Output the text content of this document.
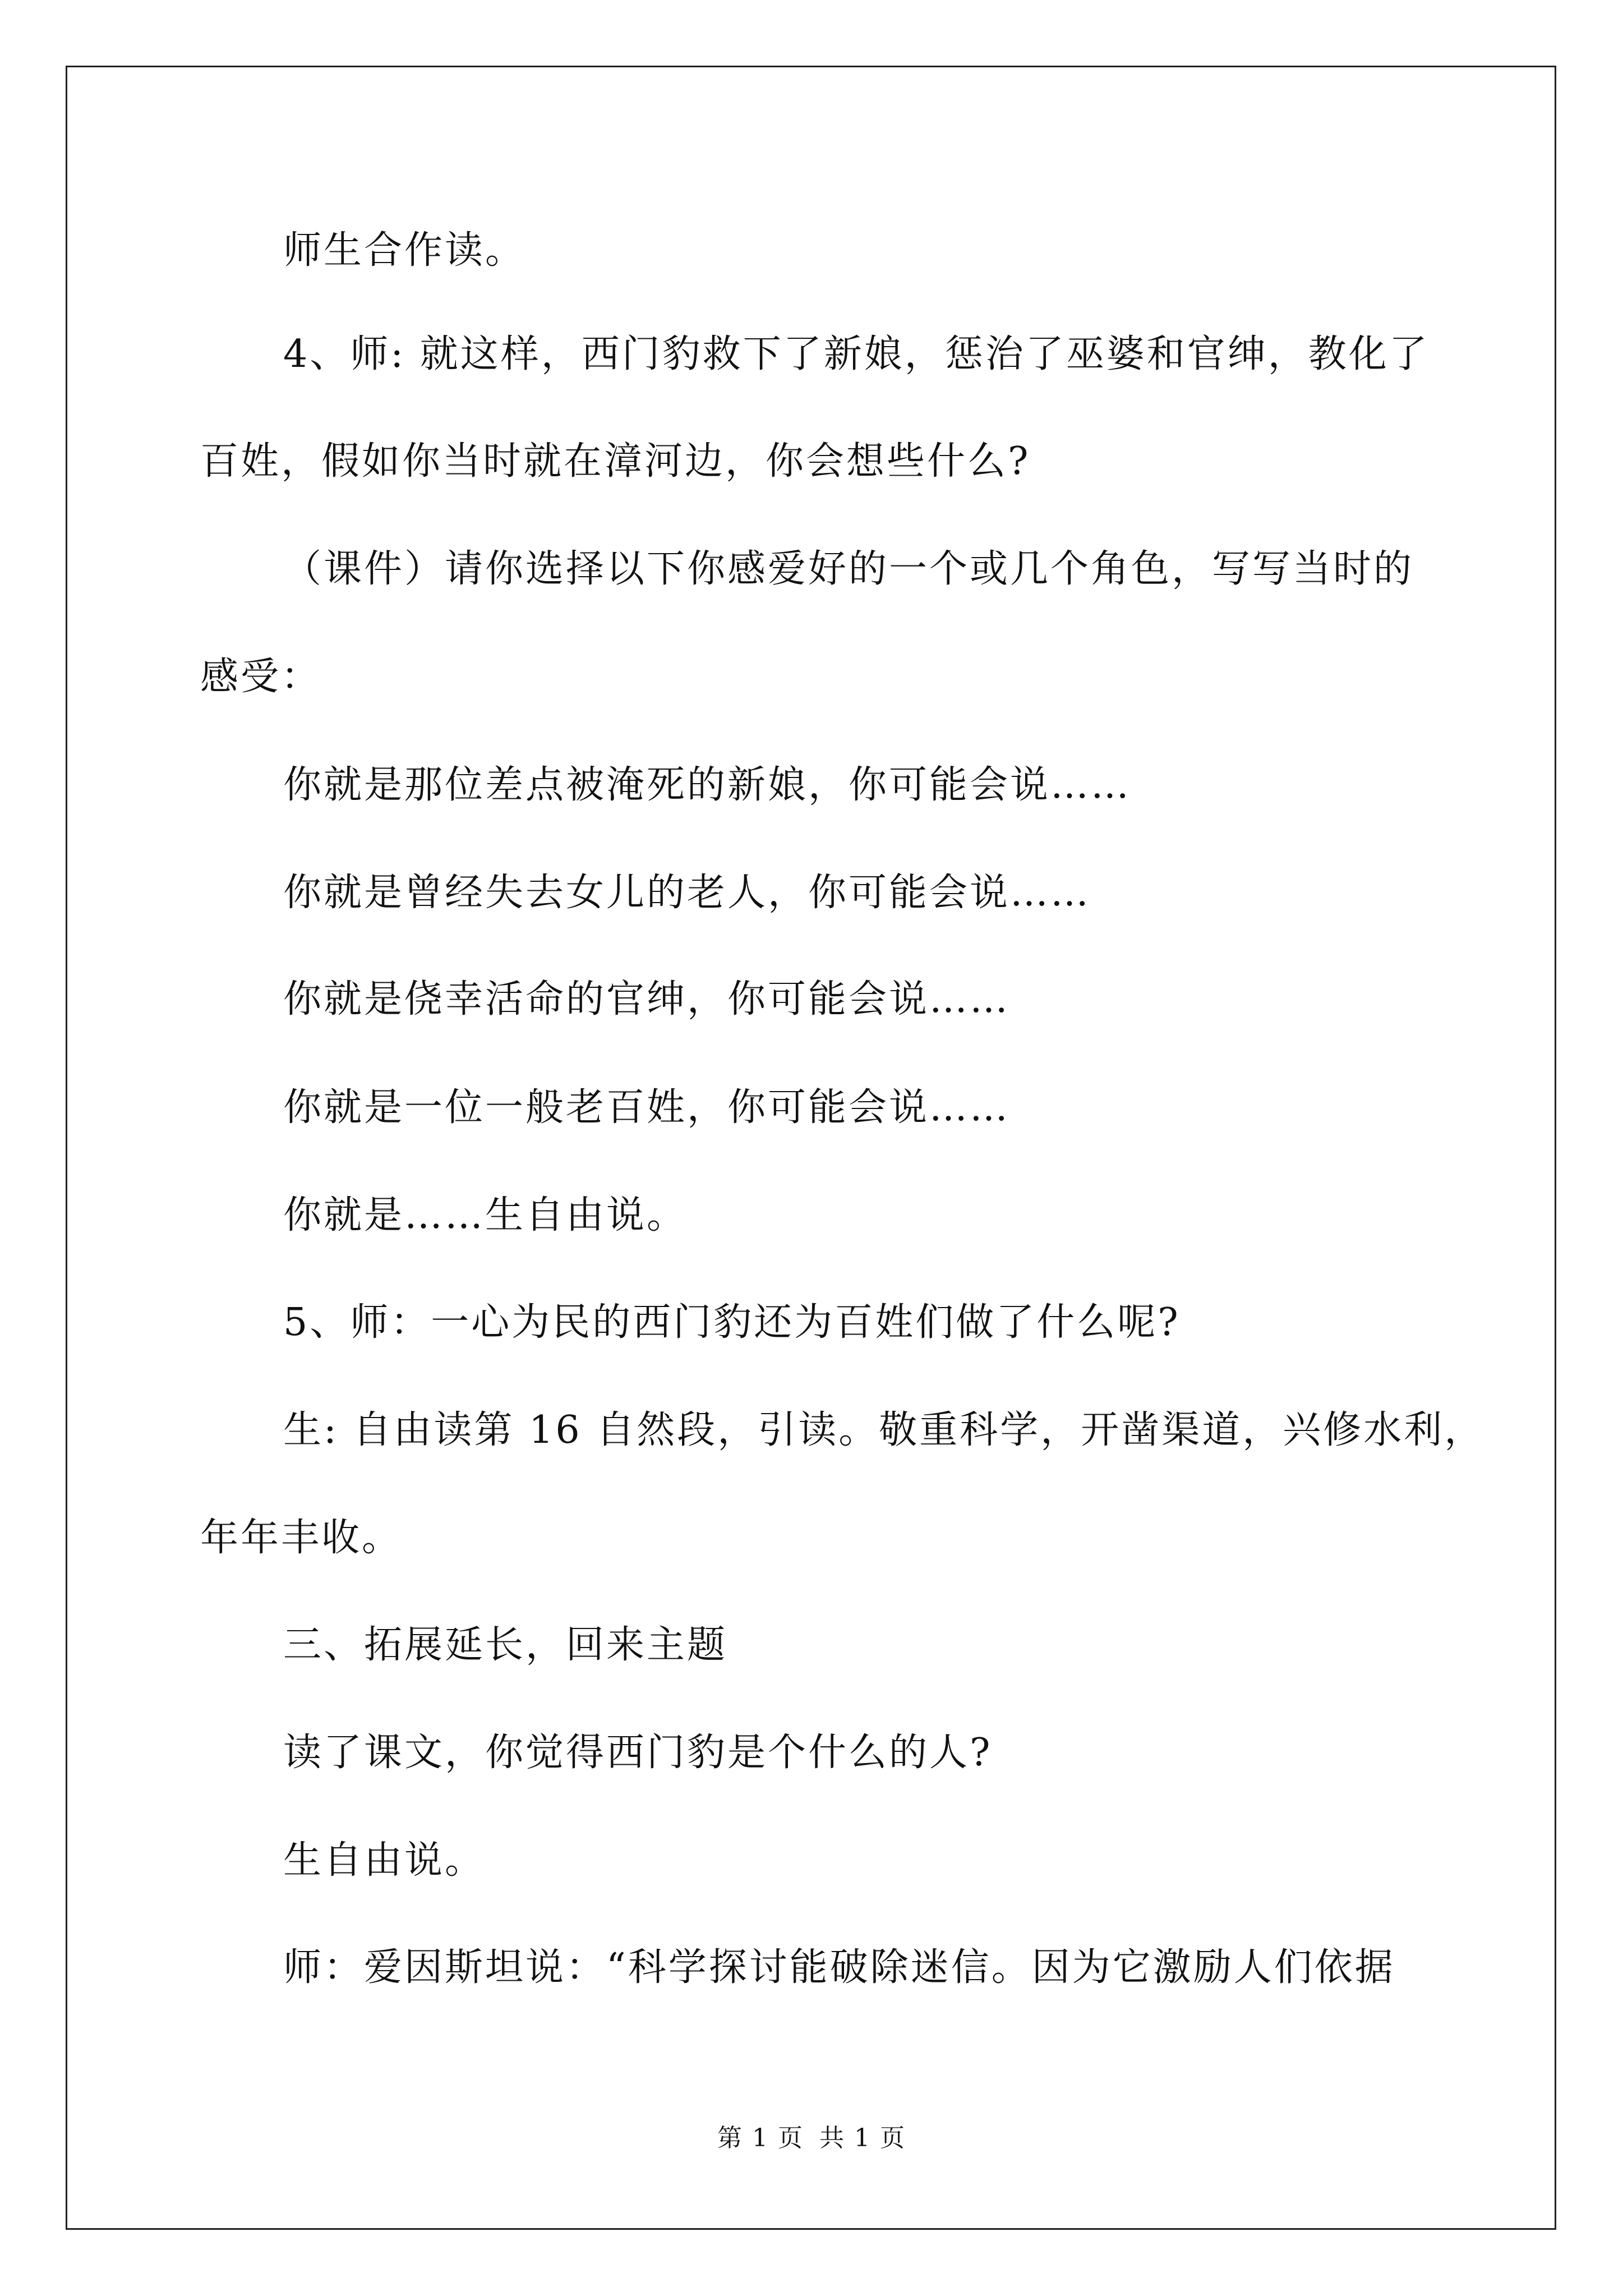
师生合作读。
4、师: 就这样，西门豹救下了新娘，惩治了巫婆和官绅，教化了
百姓，假如你当时就在漳河边，你会想些什么?
（课件）请你选择以下你感爱好的一个或几个角色，写写当时的
感受：
你就是那位差点被淹死的新娘，你可能会说……
你就是曾经失去女儿的老人，你可能会说……
你就是侥幸活命的官绅，你可能会说……
你就是一位一般老百姓，你可能会说……
你就是……生自由说。
5、师：一心为民的西门豹还为百姓们做了什么呢?
生: 自由读第 16 自然段，引读。敬重科学，开凿渠道，兴修水利，
年年丰收。
三、拓展延长，回来主题
读了课文，你觉得西门豹是个什么的人?
生自由说。
师：爱因斯坦说：“科学探讨能破除迷信。因为它激励人们依据
第 1 页 共 1 页
